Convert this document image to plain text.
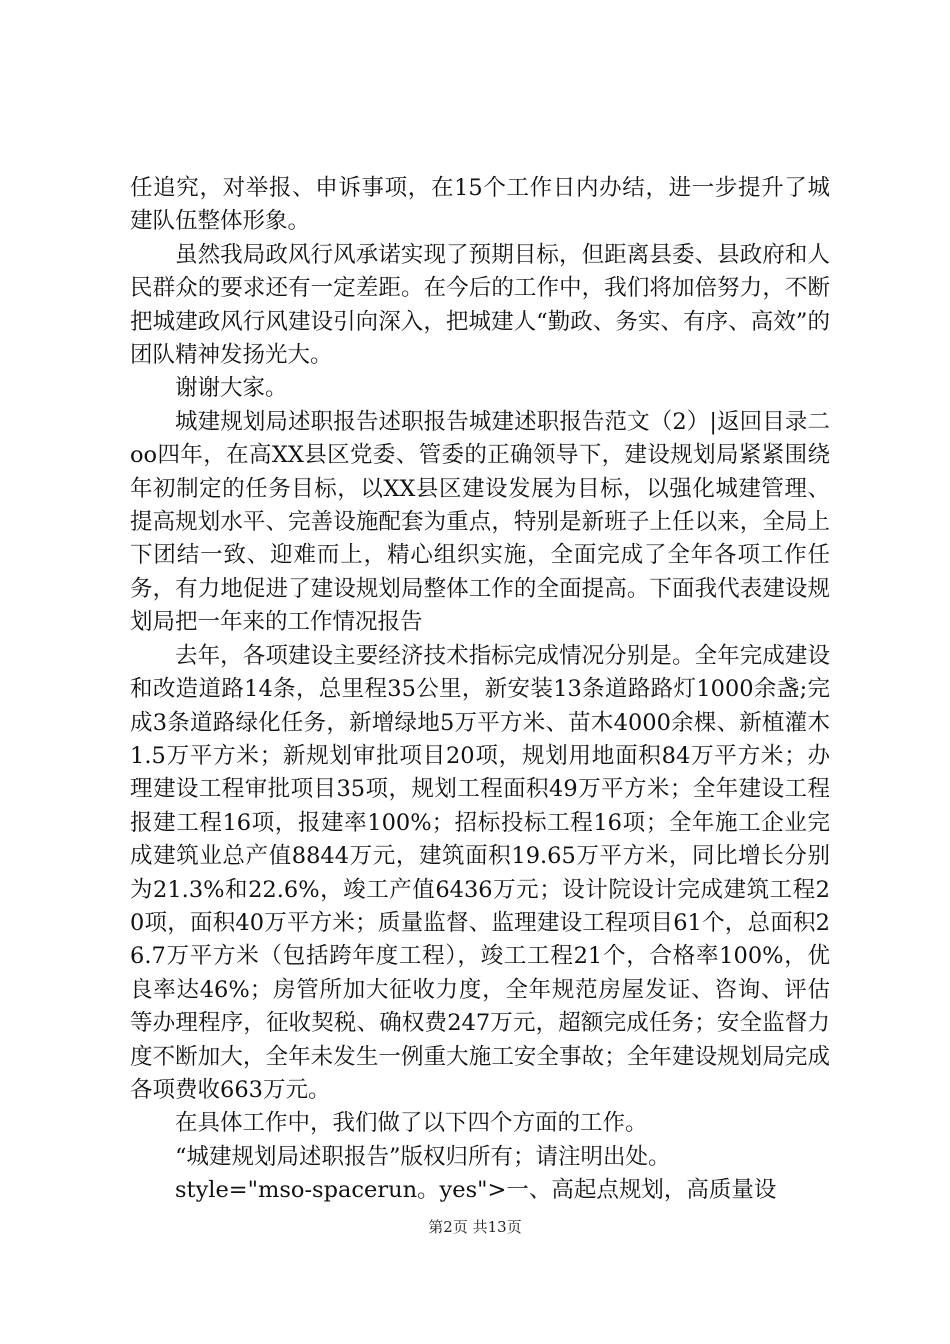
任追究，对举报、申诉事项，在15个工作日内办结，进一步提升了城建队伍整体形象。

虽然我局政风行风承诺实现了预期目标，但距离县委、县政府和人民群众的要求还有一定差距。在今后的工作中，我们将加倍努力，不断把城建政风行风建设引向深入，把城建人“勤政、务实、有序、高效”的团队精神发扬光大。

谢谢大家。

城建规划局述职报告述职报告城建述职报告范文（2）|返回目录二oo四年，在高XX县区党委、管委的正确领导下，建设规划局紧紧围绕年初制定的任务目标，以XX县区建设发展为目标，以强化城建管理、提高规划水平、完善设施配套为重点，特别是新班子上任以来，全局上下团结一致、迎难而上，精心组织实施，全面完成了全年各项工作任务，有力地促进了建设规划局整体工作的全面提高。下面我代表建设规划局把一年来的工作情况报告

去年，各项建设主要经济技术指标完成情况分别是。全年完成建设和改造道路14条，总里程35公里，新安装13条道路路灯1000余盏;完成3条道路绿化任务，新增绿地5万平方米、苗木4000余棵、新植灌木1.5万平方米；新规划审批项目20项，规划用地面积84万平方米；办理建设工程审批项目35项，规划工程面积49万平方米；全年建设工程报建工程16项，报建率100%；招标投标工程16项；全年施工企业完成建筑业总产值8844万元，建筑面积19.65万平方米，同比增长分别为21.3%和22.6%，竣工产值6436万元；设计院设计完成建筑工程20项，面积40万平方米；质量监督、监理建设工程项目61个，总面积26.7万平方米（包括跨年度工程），竣工工程21个，合格率100%，优良率达46%；房管所加大征收力度，全年规范房屋发证、咨询、评估等办理程序，征收契税、确权费247万元，超额完成任务；安全监督力度不断加大，全年未发生一例重大施工安全事故；全年建设规划局完成各项费收663万元。

在具体工作中，我们做了以下四个方面的工作。

“城建规划局述职报告”版权归所有；请注明出处。

style="mso-spacerun。yes">一、高起点规划，高质量设

第2页 共13页
